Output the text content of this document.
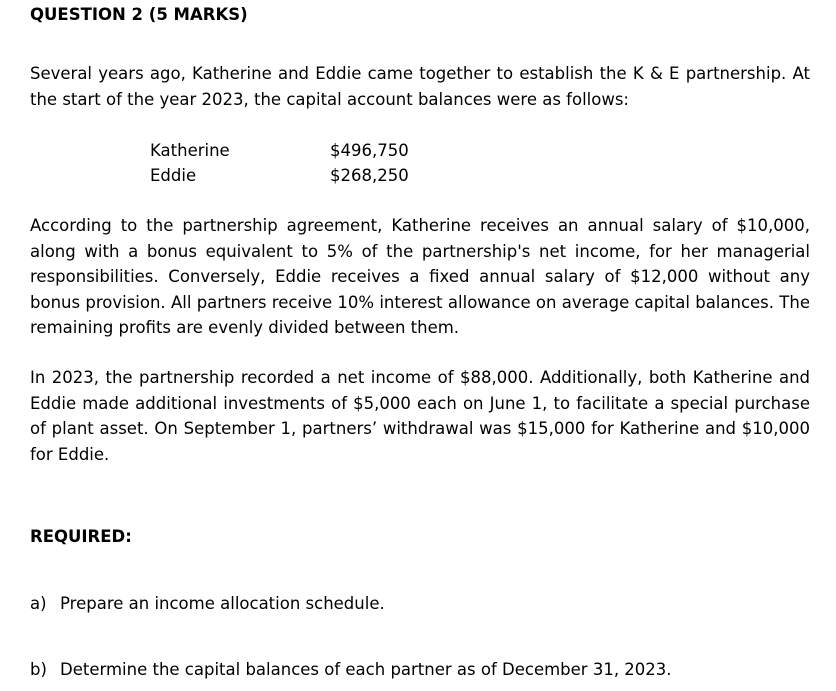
QUESTION 2 (5 MARKS)
Several years ago, Katherine and Eddie came together to establish the K & E partnership. At the start of the year 2023, the capital account balances were as follows:
Katherine	$496,750
Eddie	$268,250
According to the partnership agreement, Katherine receives an annual salary of $10,000, along with a bonus equivalent to 5% of the partnership's net income, for her managerial responsibilities. Conversely, Eddie receives a fixed annual salary of $12,000 without any bonus provision. All partners receive 10% interest allowance on average capital balances. The remaining profits are evenly divided between them.
In 2023, the partnership recorded a net income of $88,000. Additionally, both Katherine and Eddie made additional investments of $5,000 each on June 1, to facilitate a special purchase of plant asset. On September 1, partners’ withdrawal was $15,000 for Katherine and $10,000 for Eddie.
REQUIRED:
a) Prepare an income allocation schedule.
b) Determine the capital balances of each partner as of December 31, 2023.
